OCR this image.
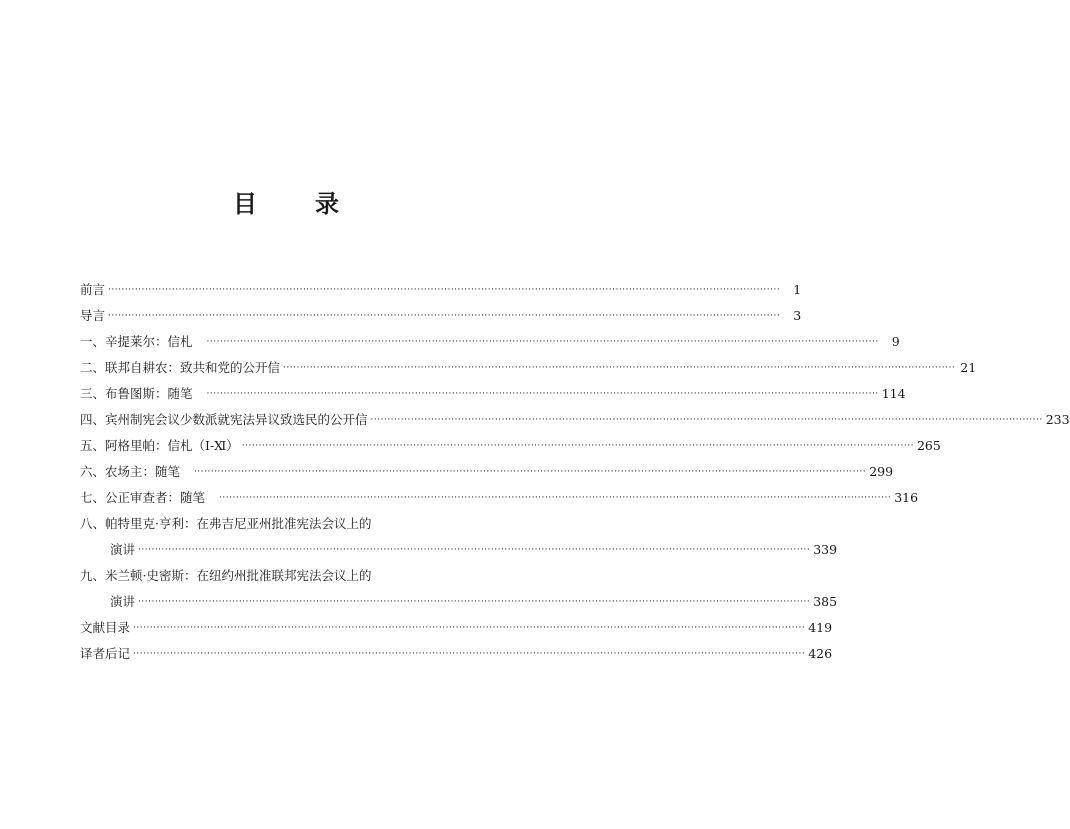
目 录
前言 ········································································································································································································	1
导言 ········································································································································································································	3
一、辛提莱尔：信札 ········································································································································································································	9
二、联邦自耕农：致共和党的公开信 ········································································································································································································ 21
三、布鲁图斯：随笔 ········································································································································································································ 114
四、宾州制宪会议少数派就宪法异议致选民的公开信 ········································································································································································································ 233
五、阿格里帕：信札（Ⅰ-Ⅺ） ········································································································································································································ 265
六、农场主：随笔 ········································································································································································································ 299
七、公正审查者：随笔 ········································································································································································································ 316
八、帕特里克·亨利：在弗吉尼亚州批准宪法会议上的
演讲 ········································································································································································································ 339
九、米兰顿·史密斯：在纽约州批准联邦宪法会议上的
演讲 ········································································································································································································ 385
文献目录 ········································································································································································································ 419
译者后记 ········································································································································································································ 426
